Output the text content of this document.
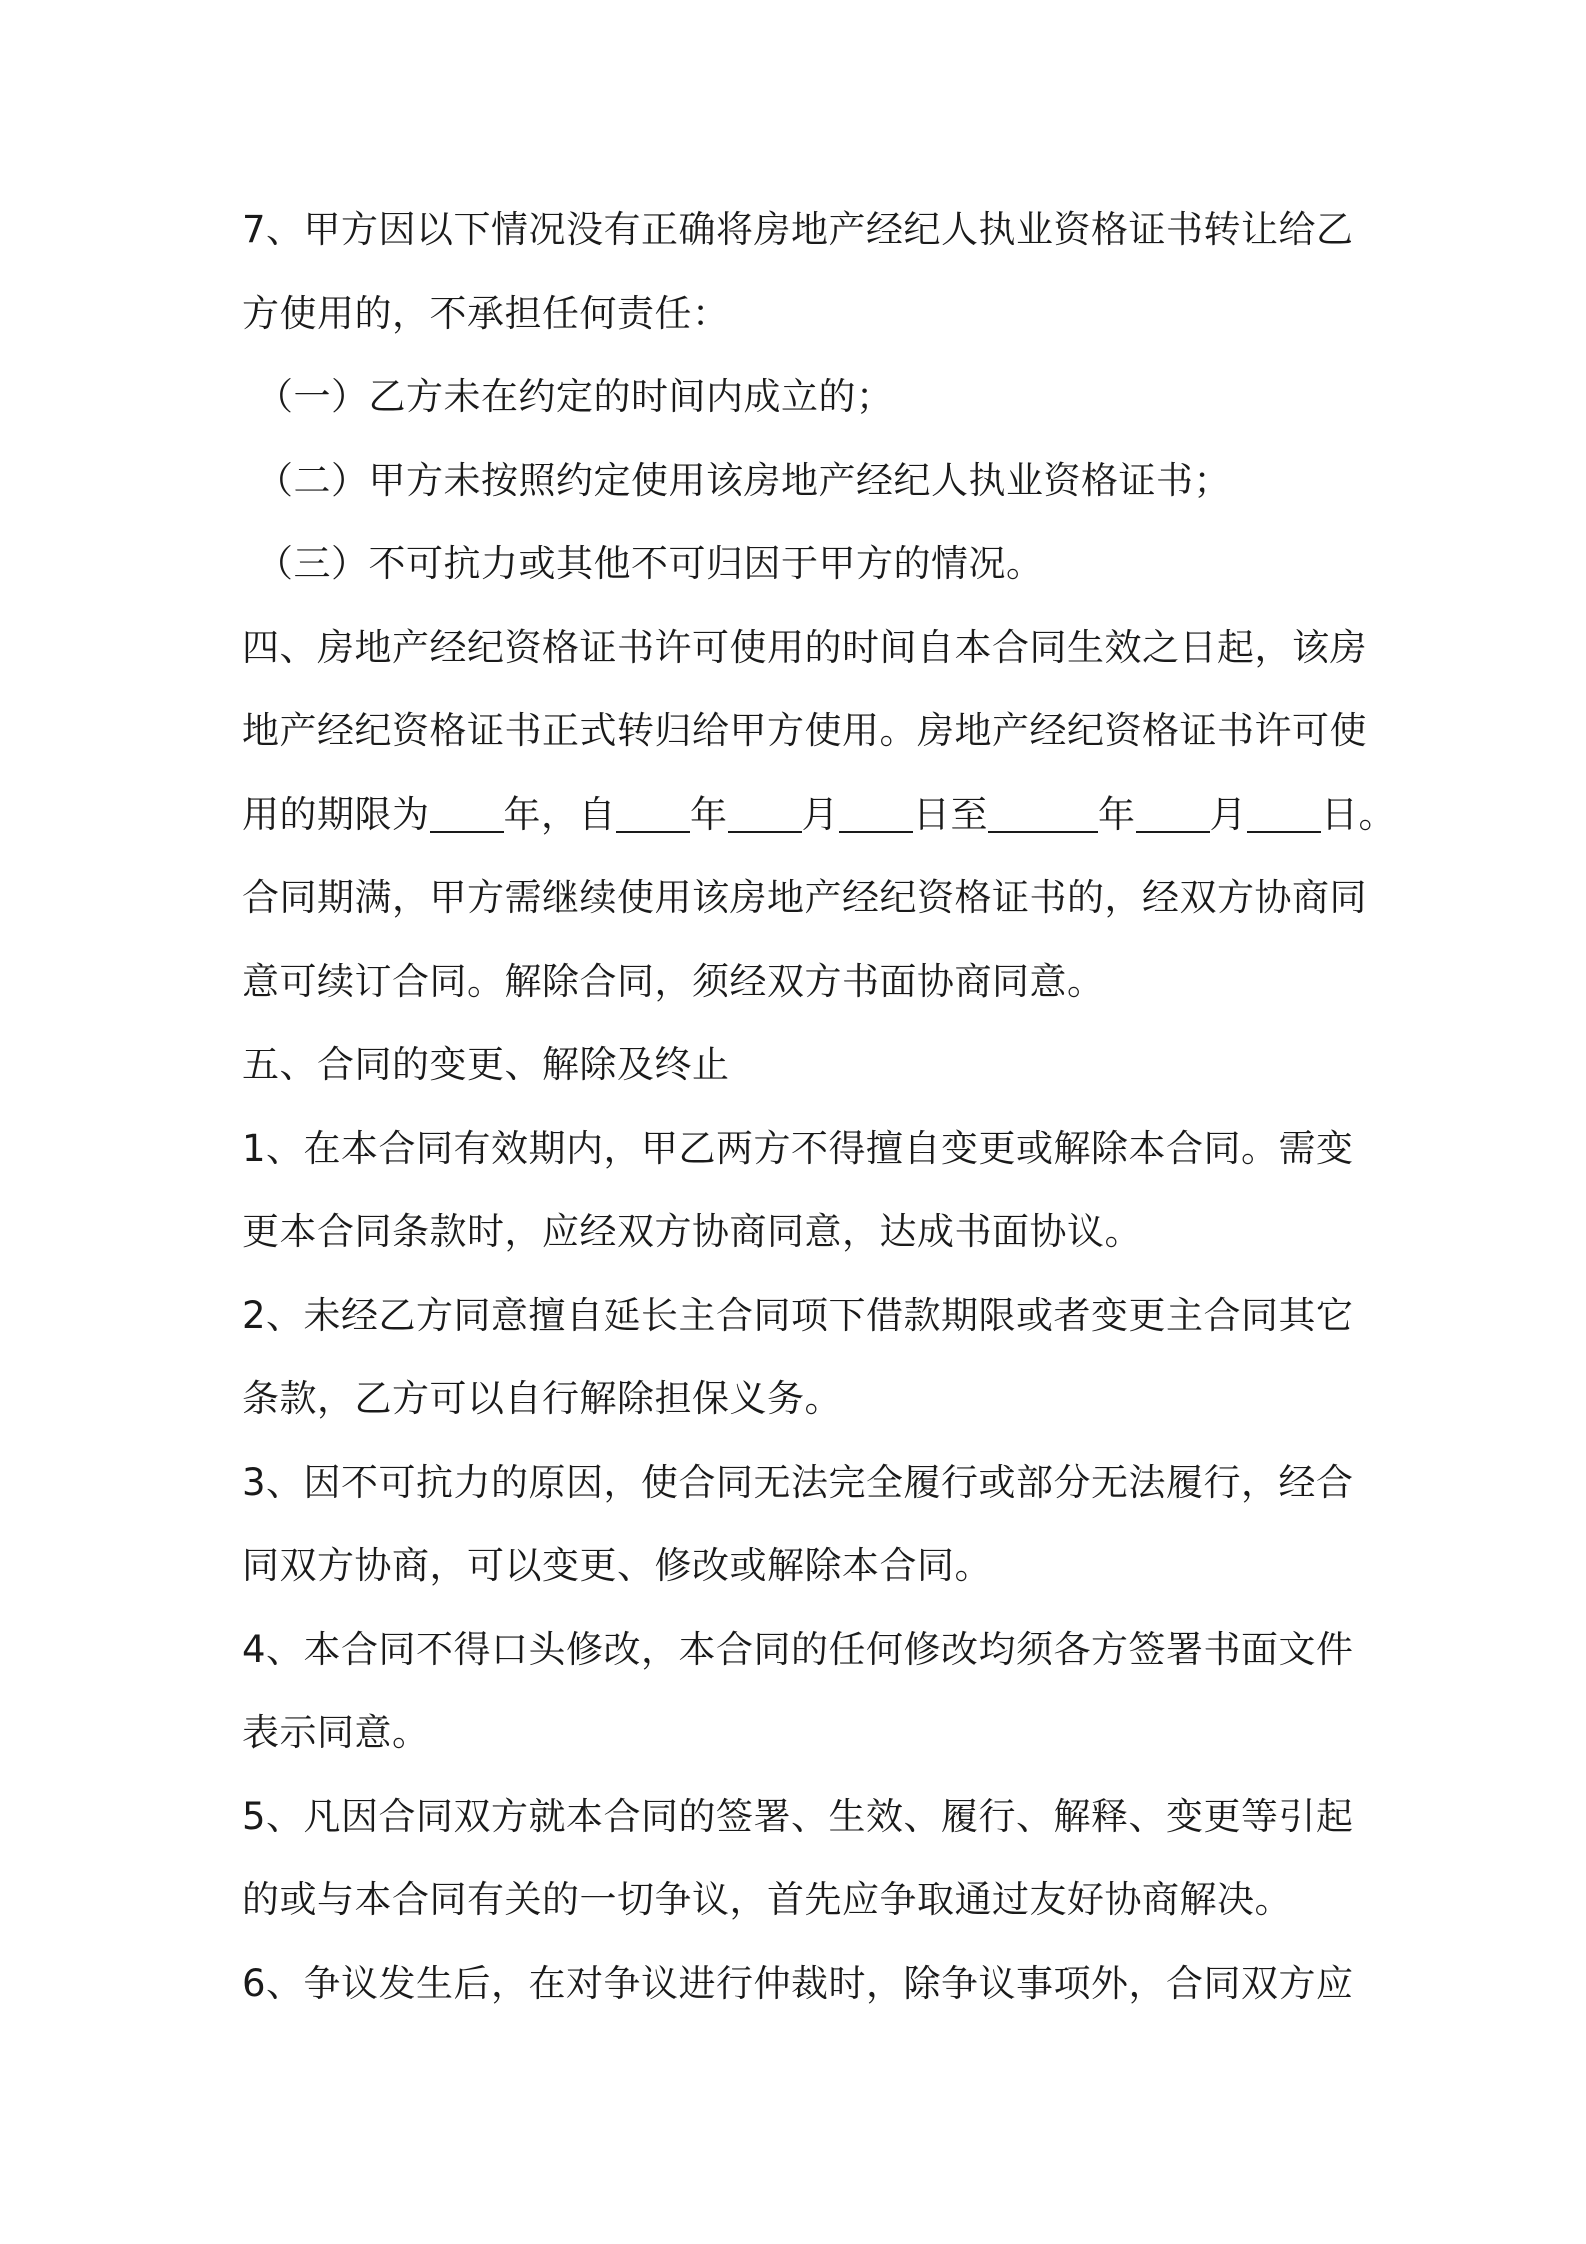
7、甲方因以下情况没有正确将房地产经纪人执业资格证书转让给乙
方使用的，不承担任何责任：
（一）乙方未在约定的时间内成立的；
（二）甲方未按照约定使用该房地产经纪人执业资格证书；
（三）不可抗力或其他不可归因于甲方的情况。
四、房地产经纪资格证书许可使用的时间自本合同生效之日起，该房
地产经纪资格证书正式转归给甲方使用。房地产经纪资格证书许可使
用的期限为 年，自 年 月 日至	年 月 日。
合同期满，甲方需继续使用该房地产经纪资格证书的，经双方协商同
意可续订合同。解除合同，须经双方书面协商同意。
五、合同的变更、解除及终止
1、在本合同有效期内，甲乙两方不得擅自变更或解除本合同。需变
更本合同条款时，应经双方协商同意，达成书面协议。
2、未经乙方同意擅自延长主合同项下借款期限或者变更主合同其它
条款，乙方可以自行解除担保义务。
3、因不可抗力的原因，使合同无法完全履行或部分无法履行，经合
同双方协商，可以变更、修改或解除本合同。
4、本合同不得口头修改，本合同的任何修改均须各方签署书面文件
表示同意。
5、凡因合同双方就本合同的签署、生效、履行、解释、变更等引起
的或与本合同有关的一切争议，首先应争取通过友好协商解决。
6、争议发生后，在对争议进行仲裁时，除争议事项外，合同双方应
